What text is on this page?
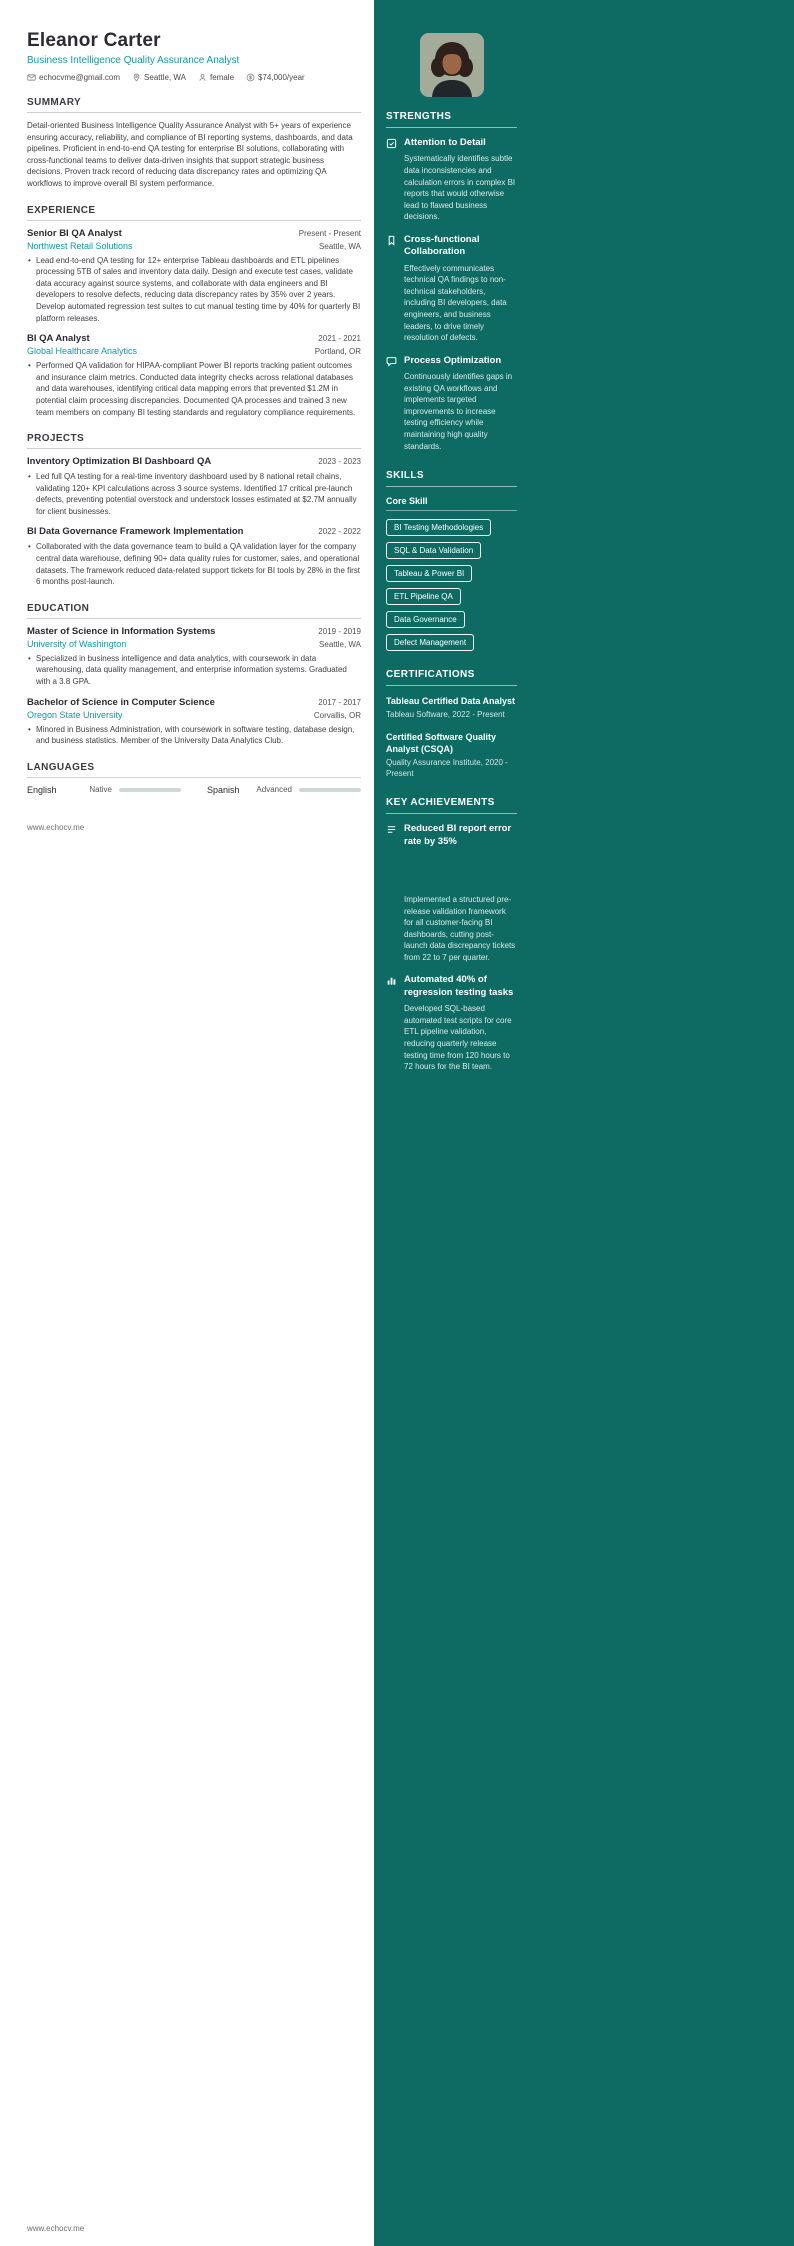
Eleanor Carter
Business Intelligence Quality Assurance Analyst
echocvme@gmail.com	Seattle, WA	female	$74,000/year
SUMMARY

Detail-oriented Business Intelligence Quality Assurance Analyst with 5+ years of experience ensuring accuracy, reliability, and compliance of BI reporting systems, dashboards, and data pipelines. Proficient in end-to-end QA testing for enterprise BI solutions, collaborating with cross-functional teams to deliver data-driven insights that support strategic business decisions. Proven track record of reducing data discrepancy rates and optimizing QA workflows to improve overall BI system performance.

EXPERIENCE
Senior BI QA Analyst	Present - Present
Northwest Retail Solutions	Seattle, WA

• Lead end-to-end QA testing for 12+ enterprise Tableau dashboards and ETL pipelines processing 5TB of sales and inventory data daily. Design and execute test cases, validate data accuracy against source systems, and collaborate with data engineers and BI developers to resolve defects, reducing data discrepancy rates by 35% over 2 years. Develop automated regression test suites to cut manual testing time by 40% for quarterly BI platform releases.

BI QA Analyst	2021 - 2021
Global Healthcare Analytics	Portland, OR

• Performed QA validation for HIPAA-compliant Power BI reports tracking patient outcomes and insurance claim metrics. Conducted data integrity checks across relational databases and data warehouses, identifying critical data mapping errors that prevented $1.2M in potential claim processing discrepancies. Documented QA processes and trained 3 new team members on company BI testing standards and regulatory compliance requirements.

PROJECTS
Inventory Optimization BI Dashboard QA	2023 - 2023

• Led full QA testing for a real-time inventory dashboard used by 8 national retail chains, validating 120+ KPI calculations across 3 source systems. Identified 17 critical pre-launch defects, preventing potential overstock and understock losses estimated at $2.7M annually for client businesses.

BI Data Governance Framework Implementation	2022 - 2022

• Collaborated with the data governance team to build a QA validation layer for the company central data warehouse, defining 90+ data quality rules for customer, sales, and operational datasets. The framework reduced data-related support tickets for BI tools by 28% in the first 6 months post-launch.

EDUCATION
Master of Science in Information Systems	2019 - 2019
University of Washington	Seattle, WA

• Specialized in business intelligence and data analytics, with coursework in data warehousing, data quality management, and enterprise information systems. Graduated with a 3.8 GPA.

Bachelor of Science in Computer Science	2017 - 2017
Oregon State University	Corvallis, OR

• Minored in Business Administration, with coursework in software testing, database design, and business statistics. Member of the University Data Analytics Club.

LANGUAGES
English	Native	Spanish Advanced
www.echocv.me
STRENGTHS
Attention to Detail
Systematically identifies subtle data inconsistencies and calculation errors in complex BI reports that would otherwise lead to flawed business decisions.
Cross-functional Collaboration
Effectively communicates technical QA findings to non-technical stakeholders, including BI developers, data engineers, and business leaders, to drive timely resolution of defects.
Process Optimization
Continuously identifies gaps in existing QA workflows and implements targeted improvements to increase testing efficiency while maintaining high quality standards.
SKILLS
Core Skill
BI Testing Methodologies
SQL & Data Validation
Tableau & Power BI
ETL Pipeline QA
Data Governance
Defect Management
CERTIFICATIONS
Tableau Certified Data Analyst
Tableau Software, 2022 - Present
Certified Software Quality Analyst (CSQA)
Quality Assurance Institute, 2020 - Present
KEY ACHIEVEMENTS
Reduced BI report error rate by 35%
Implemented a structured pre-release validation framework for all customer-facing BI dashboards, cutting post-launch data discrepancy tickets from 22 to 7 per quarter.
Automated 40% of regression testing tasks
Developed SQL-based automated test scripts for core ETL pipeline validation, reducing quarterly release testing time from 120 hours to 72 hours for the BI team.
www.echocv.me
